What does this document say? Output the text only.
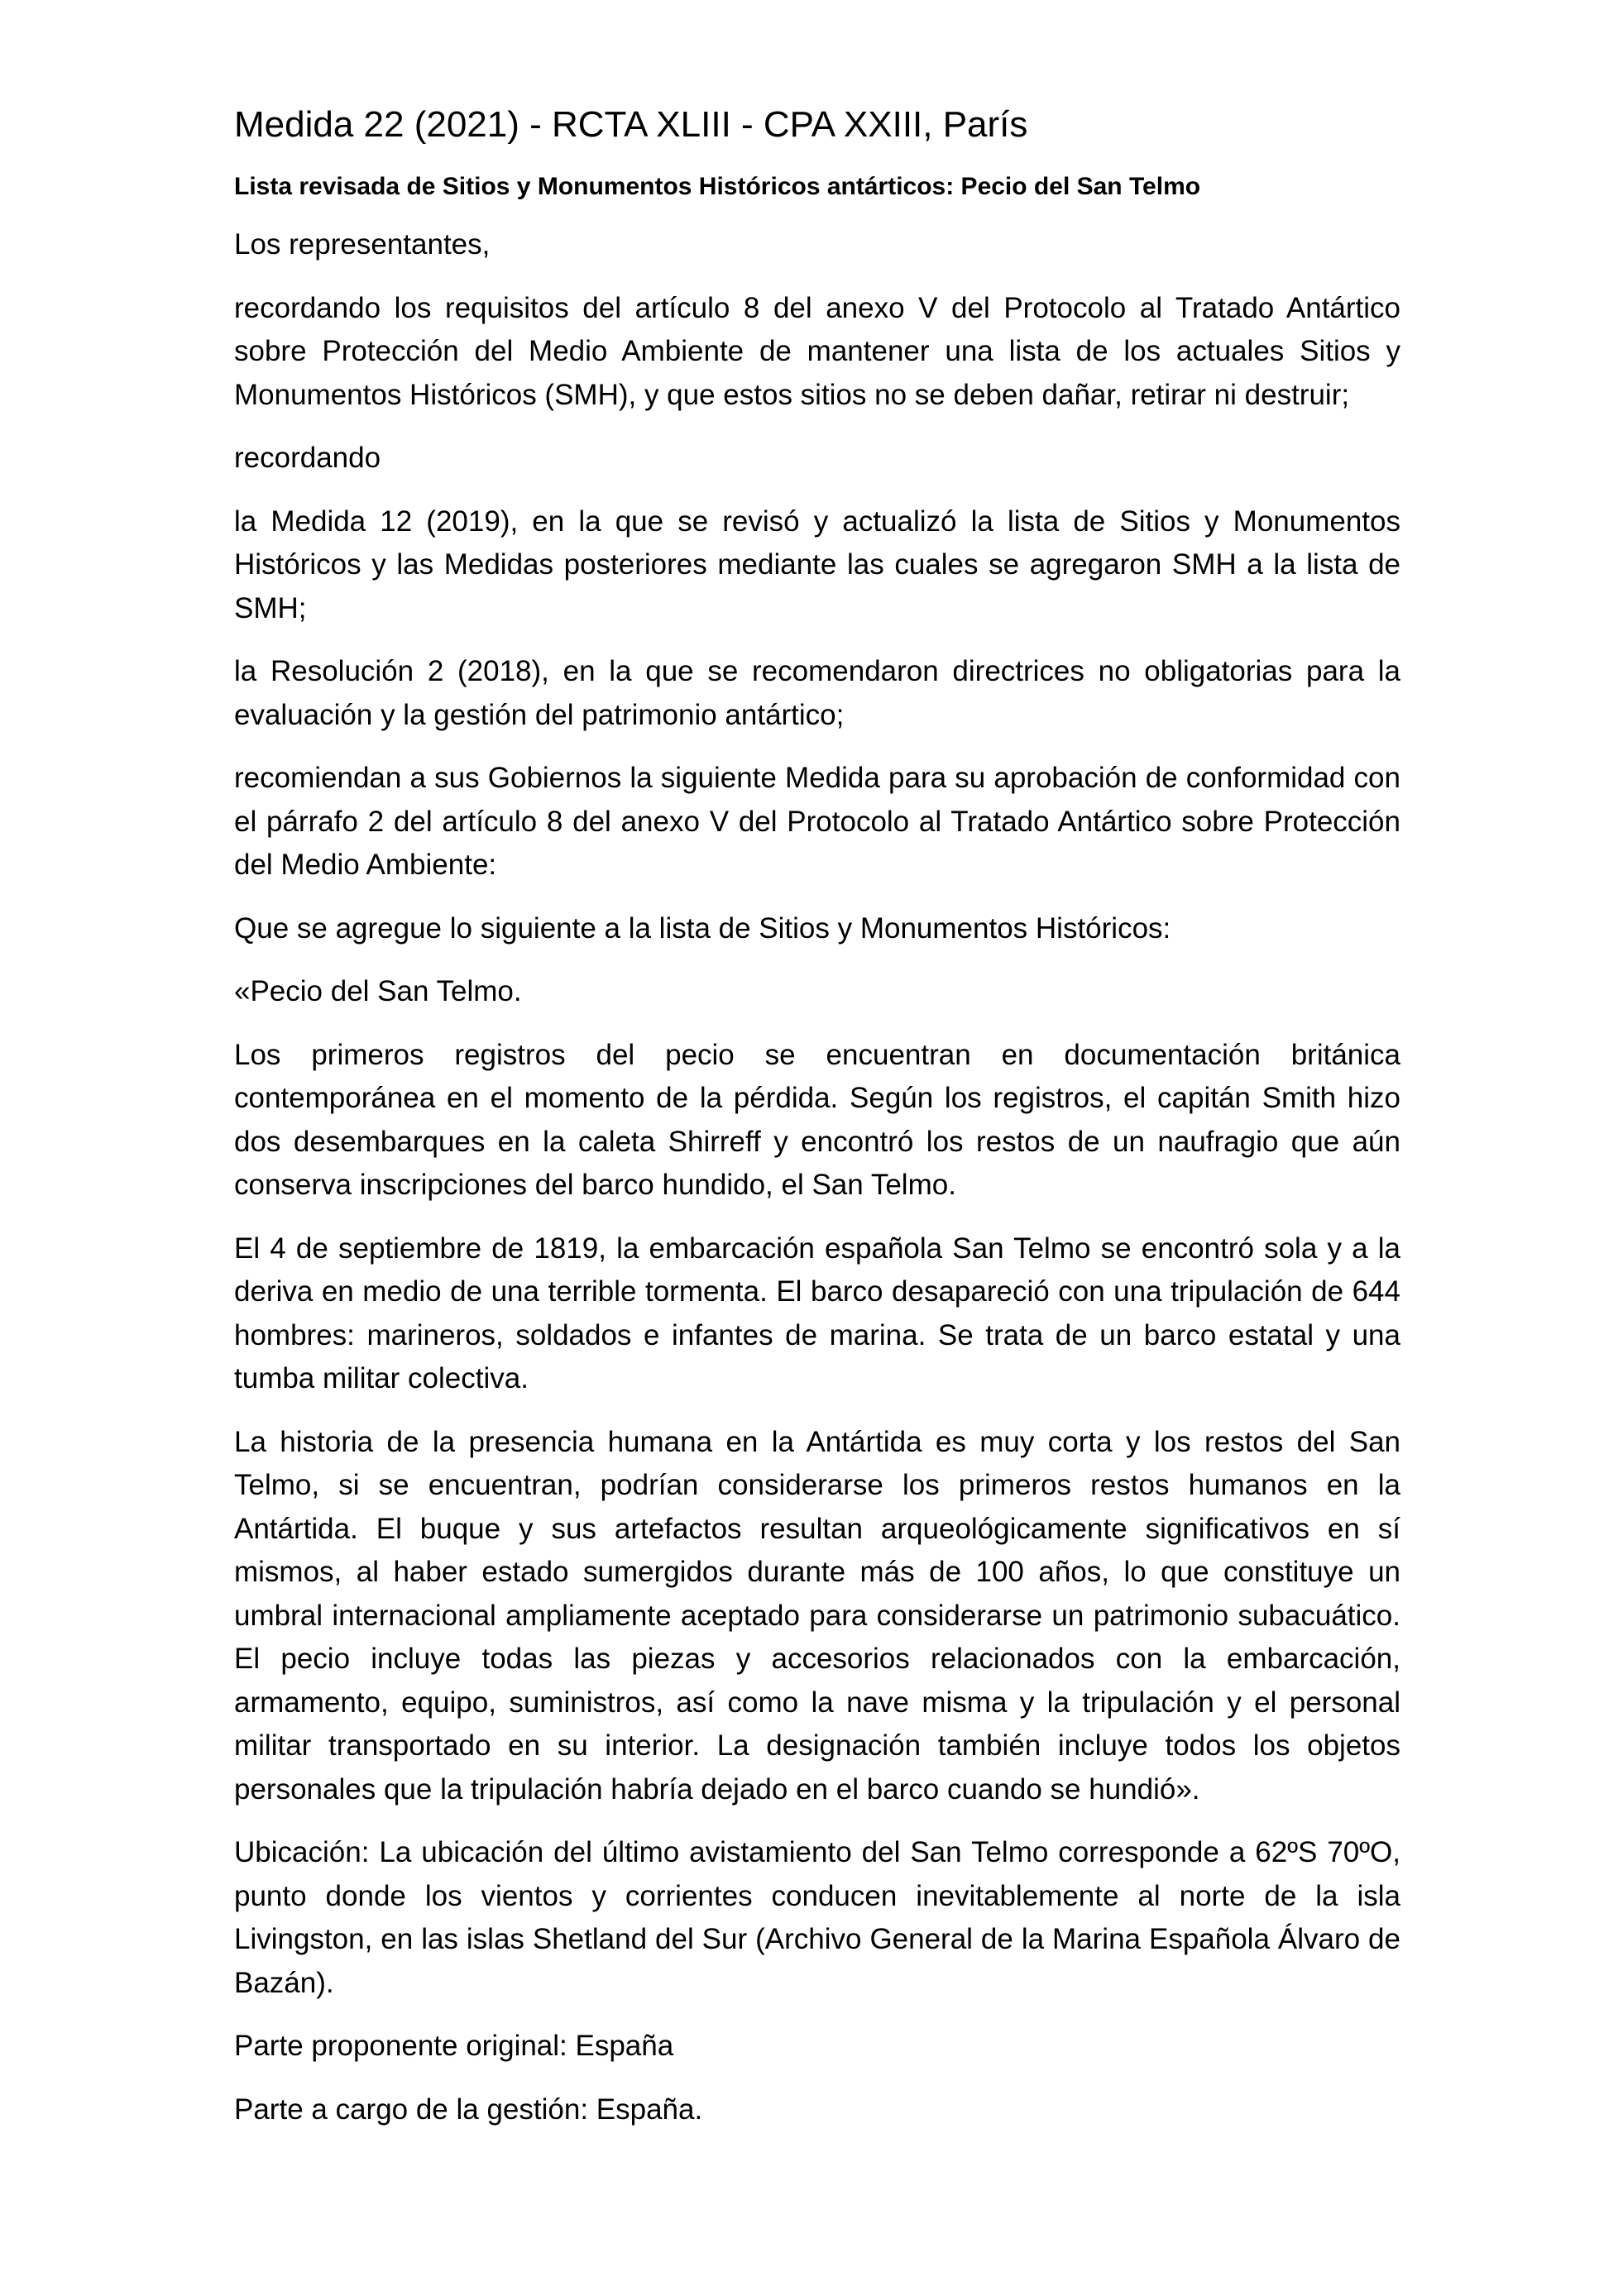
Medida 22 (2021) - RCTA XLIII - CPA XXIII, París
Lista revisada de Sitios y Monumentos Históricos antárticos: Pecio del San Telmo

Los representantes,

recordando los requisitos del artículo 8 del anexo V del Protocolo al Tratado Antártico sobre Protección del Medio Ambiente de mantener una lista de los actuales Sitios y Monumentos Históricos (SMH), y que estos sitios no se deben dañar, retirar ni destruir;

recordando

la Medida 12 (2019), en la que se revisó y actualizó la lista de Sitios y Monumentos Históricos y las Medidas posteriores mediante las cuales se agregaron SMH a la lista de SMH;

la Resolución 2 (2018), en la que se recomendaron directrices no obligatorias para la evaluación y la gestión del patrimonio antártico;

recomiendan a sus Gobiernos la siguiente Medida para su aprobación de conformidad con el párrafo 2 del artículo 8 del anexo V del Protocolo al Tratado Antártico sobre Protección del Medio Ambiente:

Que se agregue lo siguiente a la lista de Sitios y Monumentos Históricos:

«Pecio del San Telmo.

Los primeros registros del pecio se encuentran en documentación británica contemporánea en el momento de la pérdida. Según los registros, el capitán Smith hizo dos desembarques en la caleta Shirreff y encontró los restos de un naufragio que aún conserva inscripciones del barco hundido, el San Telmo.

El 4 de septiembre de 1819, la embarcación española San Telmo se encontró sola y a la deriva en medio de una terrible tormenta. El barco desapareció con una tripulación de 644 hombres: marineros, soldados e infantes de marina. Se trata de un barco estatal y una tumba militar colectiva.

La historia de la presencia humana en la Antártida es muy corta y los restos del San Telmo, si se encuentran, podrían considerarse los primeros restos humanos en la Antártida. El buque y sus artefactos resultan arqueológicamente significativos en sí mismos, al haber estado sumergidos durante más de 100 años, lo que constituye un umbral internacional ampliamente aceptado para considerarse un patrimonio subacuático. El pecio incluye todas las piezas y accesorios relacionados con la embarcación, armamento, equipo, suministros, así como la nave misma y la tripulación y el personal militar transportado en su interior. La designación también incluye todos los objetos personales que la tripulación habría dejado en el barco cuando se hundió».

Ubicación: La ubicación del último avistamiento del San Telmo corresponde a 62ºS 70ºO, punto donde los vientos y corrientes conducen inevitablemente al norte de la isla Livingston, en las islas Shetland del Sur (Archivo General de la Marina Española Álvaro de Bazán).

Parte proponente original: España

Parte a cargo de la gestión: España.
